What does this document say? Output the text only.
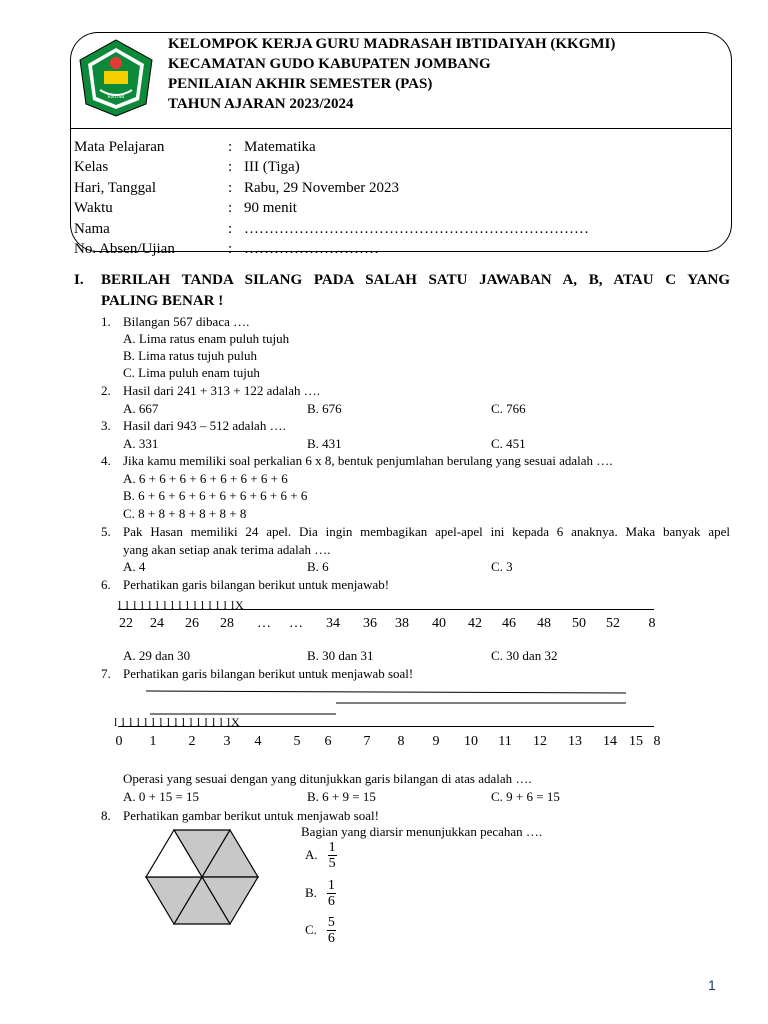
KKGMI
KELOMPOK KERJA GURU MADRASAH IBTIDAIYAH (KKGMI)
KECAMATAN GUDO KABUPATEN JOMBANG
PENILAIAN AKHIR SEMESTER (PAS)
TAHUN AJARAN 2023/2024
Mata Pelajaran	: Matematika
Kelas	: III (Tiga)
Hari, Tanggal	: Rabu, 29 November 2023
Waktu	: 90 menit
Nama	: ……………………………………………………………
No. Absen/Ujian	: ………………………
I. BERILAH TANDA SILANG PADA SALAH SATU JAWABAN A, B, ATAU C YANG
PALING BENAR !
1. Bilangan 567 dibaca ….
A. Lima ratus enam puluh tujuh
B. Lima ratus tujuh puluh
C. Lima puluh enam tujuh
2. Hasil dari 241 + 313 + 122 adalah ….
A. 667	B. 676	C. 766
3. Hasil dari 943 – 512 adalah ….
A. 331	B. 431	C. 451
4. Jika kamu memiliki soal perkalian 6 x 8, bentuk penjumlahan berulang yang sesuai adalah ….
A. 6 + 6 + 6 + 6 + 6 + 6 + 6 + 6
B. 6 + 6 + 6 + 6 + 6 + 6 + 6 + 6 + 6
C. 8 + 8 + 8 + 8 + 8 + 8
5. Pak Hasan memiliki 24 apel. Dia ingin membagikan apel-apel ini kepada 6 anaknya. Maka banyak apel
yang akan setiap anak terima adalah ….
A. 4	B. 6	C. 3
6. Perhatikan garis bilangan berikut untuk menjawab!
l l l l l l l l l l l l l l l lX
22 24 26 28 … … 34 36 38 40 42 46 48 50 52	8
A. 29 dan 30	B. 30 dan 31	C. 30 dan 32
7. Perhatikan garis bilangan berikut untuk menjawab soal!
l l l l l l l l l l l l l l l lX
0	1	2	3	4	5	6	7	8	9	10 11 12 13 14 15 8
Operasi yang sesuai dengan yang ditunjukkan garis bilangan di atas adalah ….
A. 0 + 15 = 15	B. 6 + 9 = 15	C. 9 + 6 = 15
8. Perhatikan gambar berikut untuk menjawab soal!
Bagian yang diarsir menunjukkan pecahan ….
A. $\frac{1}{5}$
B. $\frac{1}{6}$
C. $\frac{5}{6}$
1
